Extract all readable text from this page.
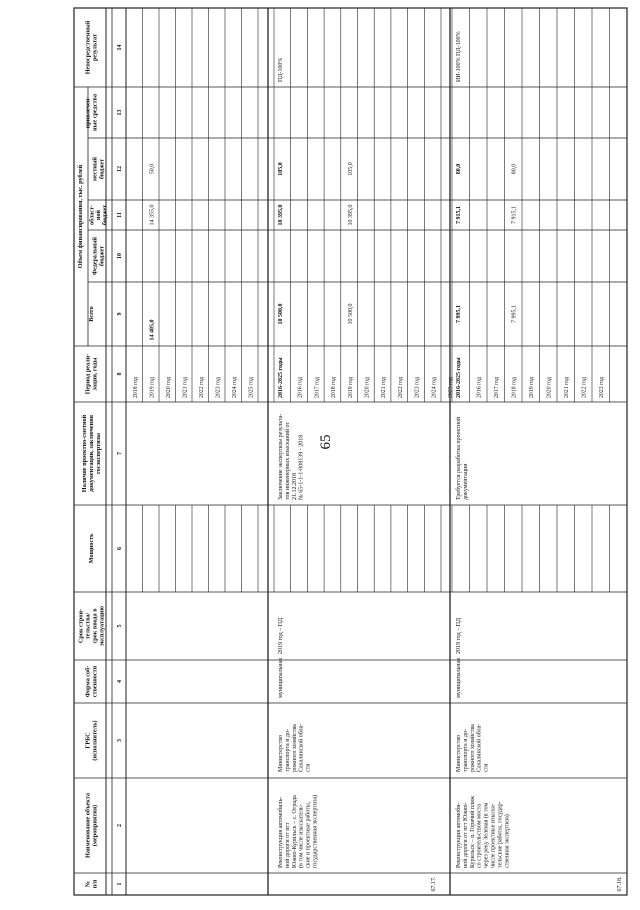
65
№п/п
Наименование объекта(мероприятия)
ГРБС(исполнитель)
Форма соб-ственности
Срок строи-тельства/срок ввода вэксплуатацию
Мощность
Наличие проектно-сметнойдокументации, заключениягосэкспертизы
Период реали-зации, годы
Всего
привлечен-ные средства
Непосредственныйрезультат
Федеральныйбюджет
област-нойбюджет
местныйбюджет
Объем финансирования, тыс. рублей
1
2
3
4
5
6
7
8
9
10
11
12
13
14
2018 год 2019 год 2020 год 2021 год 2022 год 2023 год 2024 год 2025 год
14 405,0
14 355,0
50,0
67.17.
Реконструкция автомобиль-ной дороги от пгтЮжно-Курильск – с. Отрада(в том числе изыскатель-ские и проектные работы,государственная экспертиза)
Министерствотранспорта и до-рожного хозяйстваСахалинской обла-сти
муниципальная
2019 год – ПД
Заключение экспертизы результа-тов инженерных изысканий от21.12.2018№ 65-1-1-1-008139 - 2018
2016-2025 годы 2016 год 2017 год 2018 год 2019 год 2020 год 2021 год 2022 год 2023 год 2024 год 2025 год
10 500,0
10 395,0
105,0
10 500,0
10 395,0
105,0
ПД-100%
67.18.
Реконструкция автомоби-ной дороги от пгт Южно-Курильск – п. Горячий пляжсо строительством мостачерез реку Зеленая (в томчисле проектные изыска-тельские работы, государ-ственная экспертиза)
Министерствотранспорта и до-рожного хозяйстваСахалинской обла-сти
муниципальная
2019 год – ПД
Требуется разработка проектнойдокументации
2016-2025 годы	2016 год 2017 год 2018 год 2019 год 2020 год 2021 год 2022 год 2023 год
7 995,1
7 915,1
80,0
7 995,1
7 915,1
80,0
ИИ-100% ПД-100%
